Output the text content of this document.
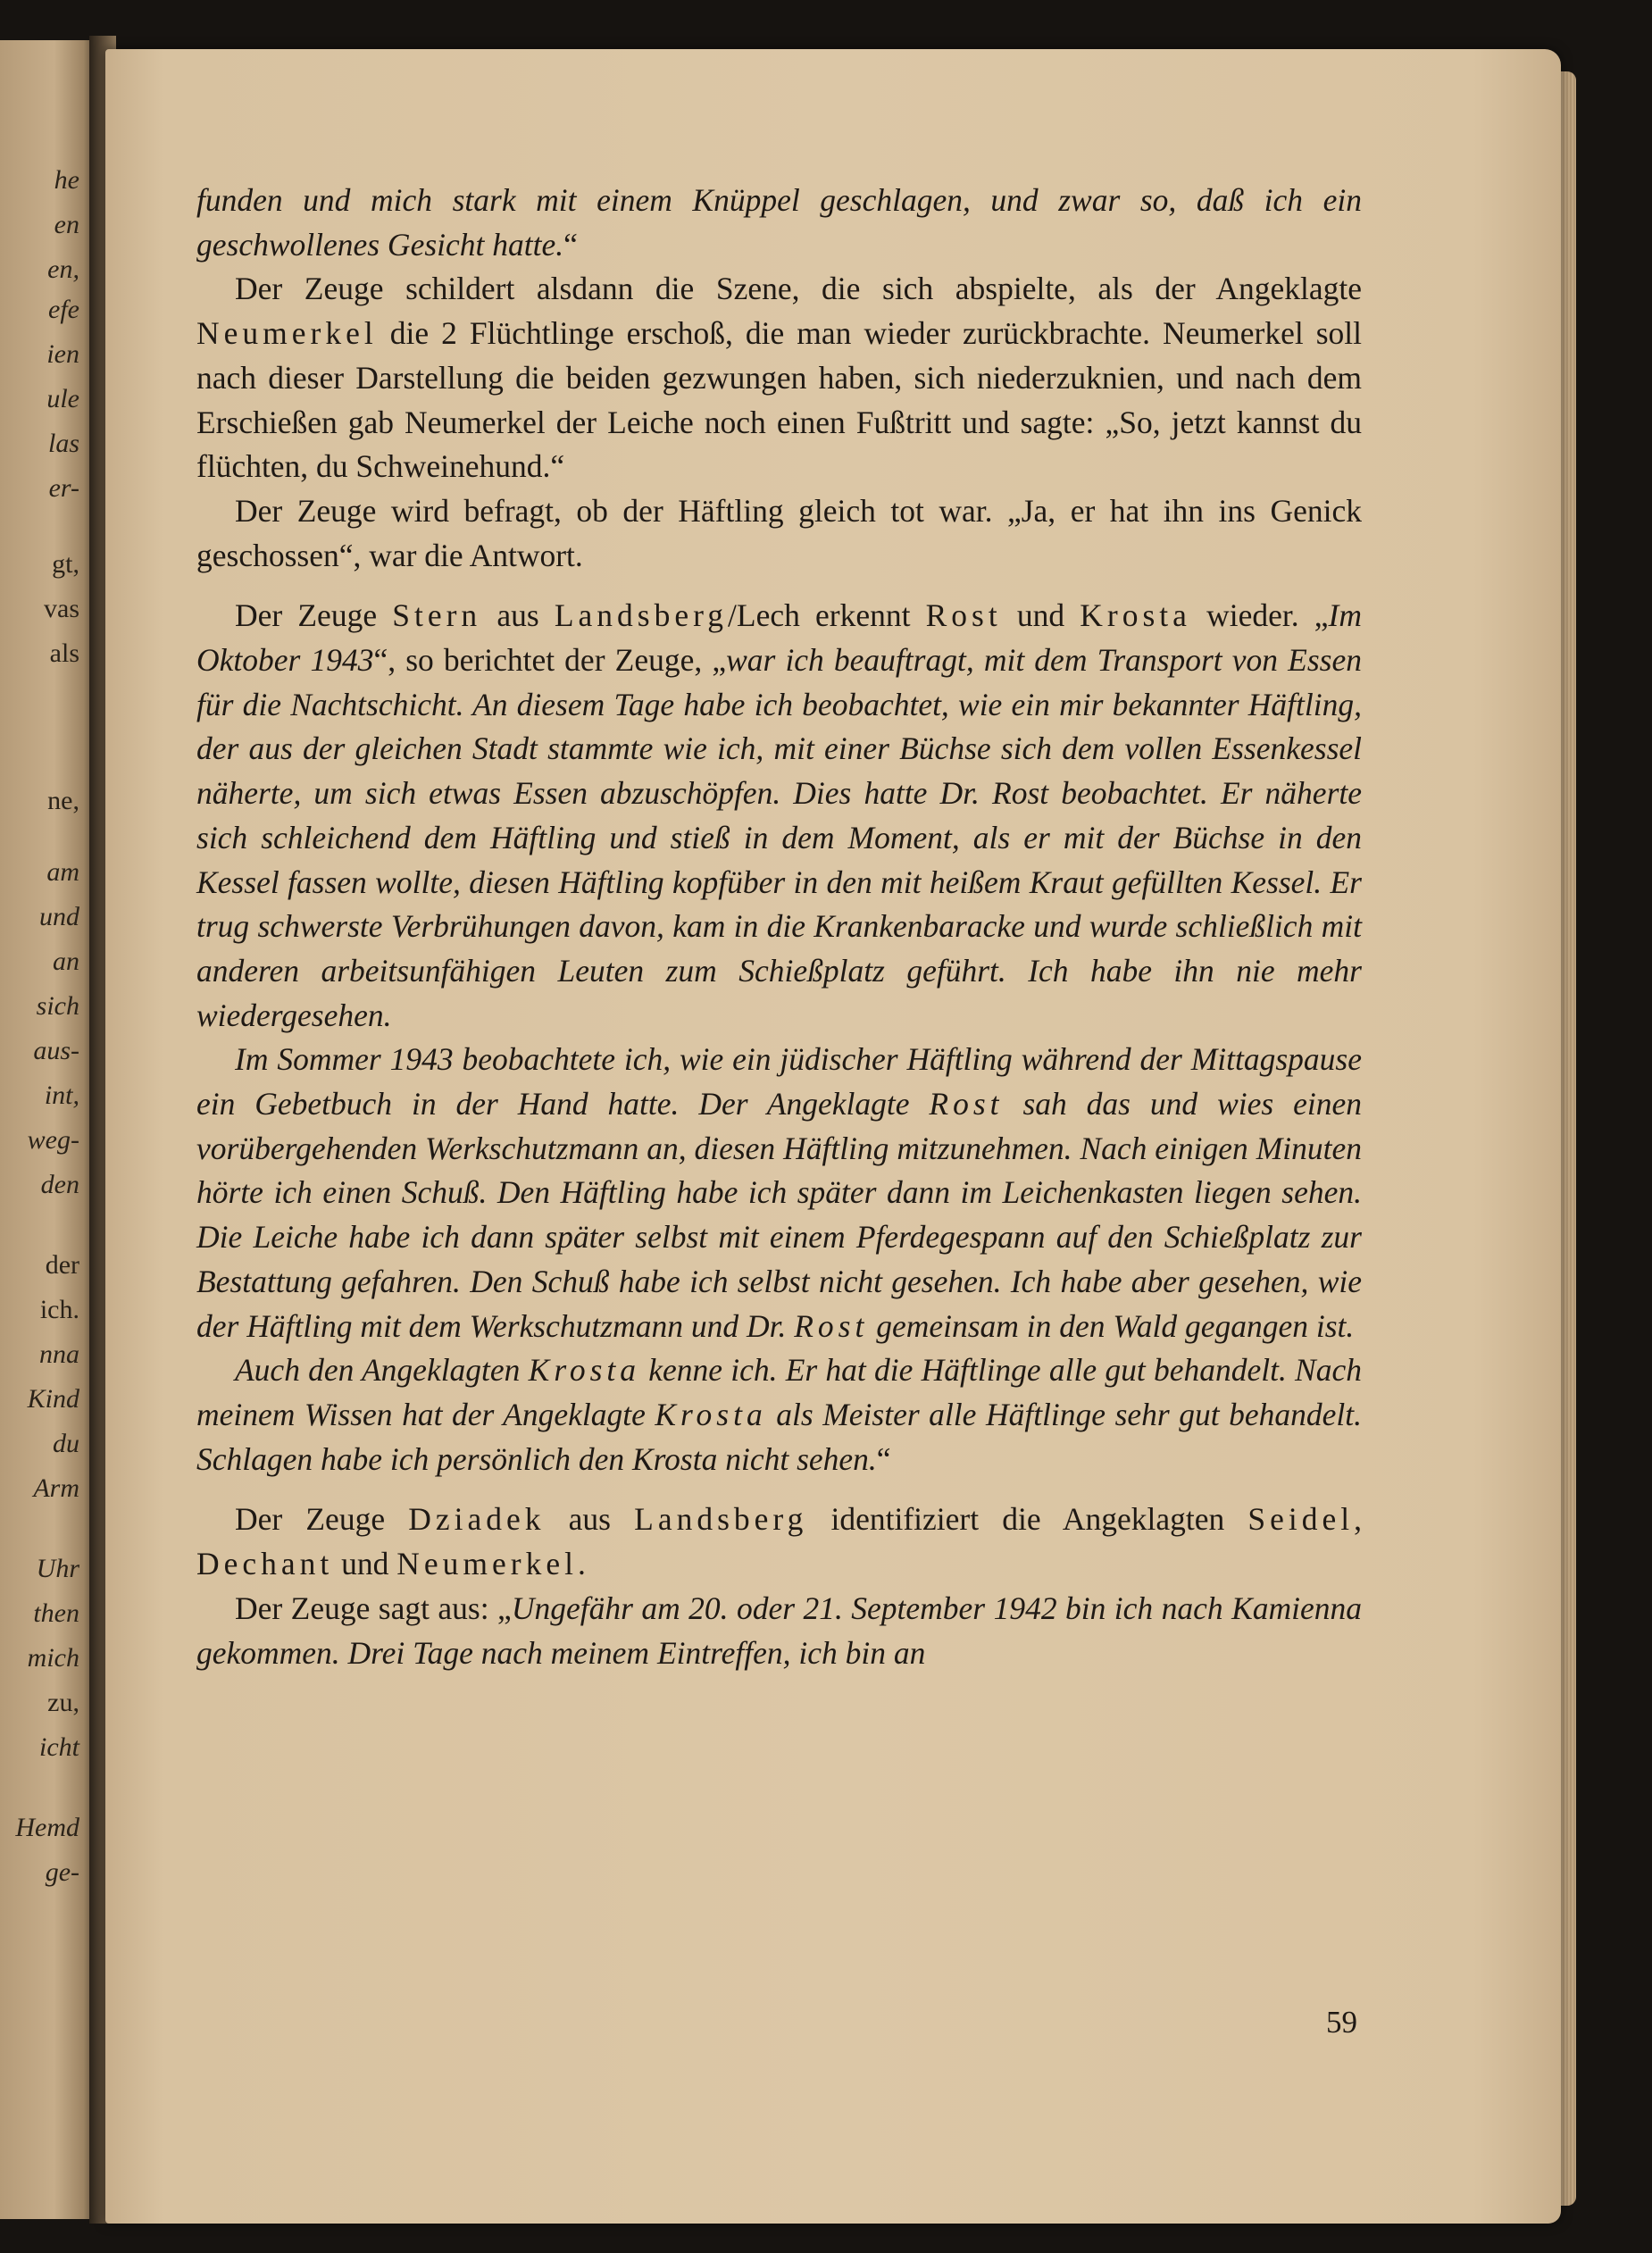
he
en
en,
efe
ien
ule
las
er-
gt,
vas
als
ne,
am
und
an
sich
aus-
int,
weg-
den
der
ich.
nna
Kind
du
Arm
Uhr
then
mich
zu,
icht
Hemd
ge-

funden und mich stark mit einem Knüppel geschlagen, und zwar so, daß ich ein geschwollenes Gesicht hatte.“

Der Zeuge schildert alsdann die Szene, die sich abspielte, als der Angeklagte Neumerkel die 2 Flüchtlinge erschoß, die man wieder zurückbrachte. Neumerkel soll nach dieser Darstellung die beiden gezwungen haben, sich niederzuknien, und nach dem Erschießen gab Neumerkel der Leiche noch einen Fußtritt und sagte: „So, jetzt kannst du flüchten, du Schweinehund.“

Der Zeuge wird befragt, ob der Häftling gleich tot war. „Ja, er hat ihn ins Genick geschossen“, war die Antwort.

Der Zeuge Stern aus Landsberg/Lech erkennt Rost und Krosta wieder. „Im Oktober 1943“, so berichtet der Zeuge, „war ich beauftragt, mit dem Transport von Essen für die Nachtschicht. An diesem Tage habe ich beobachtet, wie ein mir bekannter Häftling, der aus der gleichen Stadt stammte wie ich, mit einer Büchse sich dem vollen Essenkessel näherte, um sich etwas Essen abzuschöpfen. Dies hatte Dr. Rost beobachtet. Er näherte sich schleichend dem Häftling und stieß in dem Moment, als er mit der Büchse in den Kessel fassen wollte, diesen Häftling kopfüber in den mit heißem Kraut gefüllten Kessel. Er trug schwerste Verbrühungen davon, kam in die Krankenbaracke und wurde schließlich mit anderen arbeitsunfähigen Leuten zum Schießplatz geführt. Ich habe ihn nie mehr wiedergesehen.

Im Sommer 1943 beobachtete ich, wie ein jüdischer Häftling während der Mittagspause ein Gebetbuch in der Hand hatte. Der Angeklagte Rost sah das und wies einen vorübergehenden Werkschutzmann an, diesen Häftling mitzunehmen. Nach einigen Minuten hörte ich einen Schuß. Den Häftling habe ich später dann im Leichenkasten liegen sehen. Die Leiche habe ich dann später selbst mit einem Pferdegespann auf den Schießplatz zur Bestattung gefahren. Den Schuß habe ich selbst nicht gesehen. Ich habe aber gesehen, wie der Häftling mit dem Werkschutzmann und Dr. Rost gemeinsam in den Wald gegangen ist.

Auch den Angeklagten Krosta kenne ich. Er hat die Häftlinge alle gut behandelt. Nach meinem Wissen hat der Angeklagte Krosta als Meister alle Häftlinge sehr gut behandelt. Schlagen habe ich persönlich den Krosta nicht sehen.“

Der Zeuge Dziadek aus Landsberg identifiziert die Angeklagten Seidel, Dechant und Neumerkel.

Der Zeuge sagt aus: „Ungefähr am 20. oder 21. September 1942 bin ich nach Kamienna gekommen. Drei Tage nach meinem Eintreffen, ich bin an

59
